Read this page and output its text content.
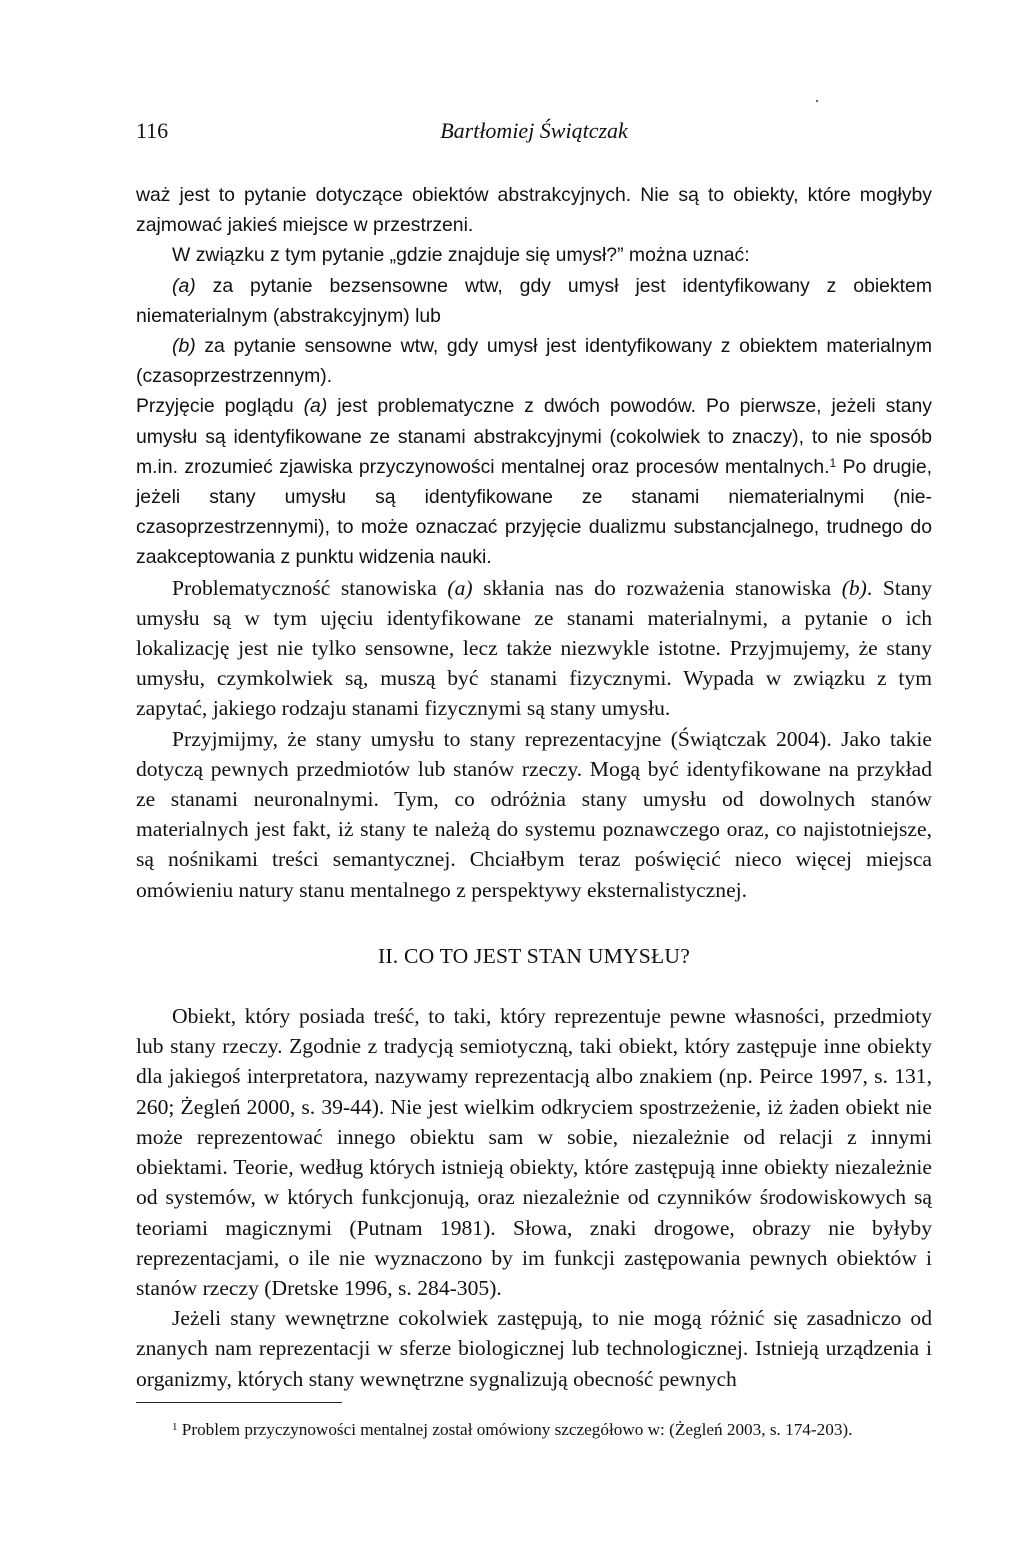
116	Bartłomiej Świątczak

waż jest to pytanie dotyczące obiektów abstrakcyjnych. Nie są to obiekty, które mogłyby zajmować jakieś miejsce w przestrzeni.

W związku z tym pytanie „gdzie znajduje się umysł?” można uznać:

(a) za pytanie bezsensowne wtw, gdy umysł jest identyfikowany z obiektem niematerialnym (abstrakcyjnym) lub

(b) za pytanie sensowne wtw, gdy umysł jest identyfikowany z obiektem materialnym (czasoprzestrzennym).

Przyjęcie poglądu (a) jest problematyczne z dwóch powodów. Po pierwsze, jeżeli stany umysłu są identyfikowane ze stanami abstrakcyjnymi (cokolwiek to znaczy), to nie sposób m.in. zrozumieć zjawiska przyczynowości mentalnej oraz procesów mentalnych.$^1$ Po drugie, jeżeli stany umysłu są identyfikowane ze stanami niematerialnymi (nie-czasoprzestrzennymi), to może oznaczać przyjęcie dualizmu substancjalnego, trudnego do zaakceptowania z punktu widzenia nauki.

Problematyczność stanowiska (a) skłania nas do rozważenia stanowiska (b). Stany umysłu są w tym ujęciu identyfikowane ze stanami materialnymi, a pytanie o ich lokalizację jest nie tylko sensowne, lecz także niezwykle istotne. Przyjmujemy, że stany umysłu, czymkolwiek są, muszą być stanami fizycznymi. Wypada w związku z tym zapytać, jakiego rodzaju stanami fizycznymi są stany umysłu.

Przyjmijmy, że stany umysłu to stany reprezentacyjne (Świątczak 2004). Jako takie dotyczą pewnych przedmiotów lub stanów rzeczy. Mogą być identyfikowane na przykład ze stanami neuronalnymi. Tym, co odróżnia stany umysłu od dowolnych stanów materialnych jest fakt, iż stany te należą do systemu poznawczego oraz, co najistotniejsze, są nośnikami treści semantycznej. Chciałbym teraz poświęcić nieco więcej miejsca omówieniu natury stanu mentalnego z perspektywy eksternalistycznej.

II. CO TO JEST STAN UMYSŁU?

Obiekt, który posiada treść, to taki, który reprezentuje pewne własności, przedmioty lub stany rzeczy. Zgodnie z tradycją semiotyczną, taki obiekt, który zastępuje inne obiekty dla jakiegoś interpretatora, nazywamy reprezentacją albo znakiem (np. Peirce 1997, s. 131, 260; Żegleń 2000, s. 39-44). Nie jest wielkim odkryciem spostrzeżenie, iż żaden obiekt nie może reprezentować innego obiektu sam w sobie, niezależnie od relacji z innymi obiektami. Teorie, według których istnieją obiekty, które zastępują inne obiekty niezależnie od systemów, w których funkcjonują, oraz niezależnie od czynników środowiskowych są teoriami magicznymi (Putnam 1981). Słowa, znaki drogowe, obrazy nie byłyby reprezentacjami, o ile nie wyznaczono by im funkcji zastępowania pewnych obiektów i stanów rzeczy (Dretske 1996, s. 284-305).

Jeżeli stany wewnętrzne cokolwiek zastępują, to nie mogą różnić się zasadniczo od znanych nam reprezentacji w sferze biologicznej lub technologicznej. Istnieją urządzenia i organizmy, których stany wewnętrzne sygnalizują obecność pewnych

$^1$ Problem przyczynowości mentalnej został omówiony szczegółowo w: (Żegleń 2003, s. 174-203).
